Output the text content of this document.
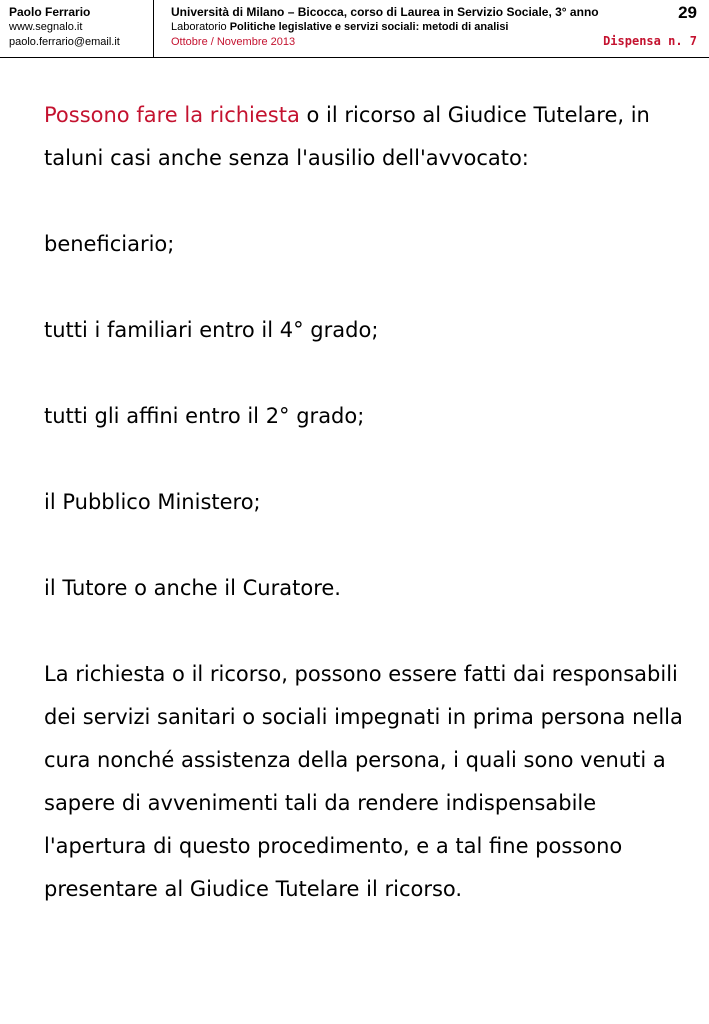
Paolo Ferrario
www.segnalo.it
paolo.ferrario@email.it
Università di Milano – Bicocca, corso di Laurea in Servizio Sociale, 3° anno
Laboratorio Politiche legislative e servizi sociali: metodi di analisi
Ottobre / Novembre 2013
29
Dispensa n. 7

Possono fare la richiesta o il ricorso al Giudice Tutelare, in taluni casi anche senza l'ausilio dell'avvocato:

beneficiario;

tutti i familiari entro il 4° grado;

tutti gli affini entro il 2° grado;

il Pubblico Ministero;

il Tutore o anche il Curatore.

La richiesta o il ricorso, possono essere fatti dai responsabili dei servizi sanitari o sociali impegnati in prima persona nella cura nonché assistenza della persona, i quali sono venuti a sapere di avvenimenti tali da rendere indispensabile l'apertura di questo procedimento, e a tal fine possono presentare al Giudice Tutelare il ricorso.
